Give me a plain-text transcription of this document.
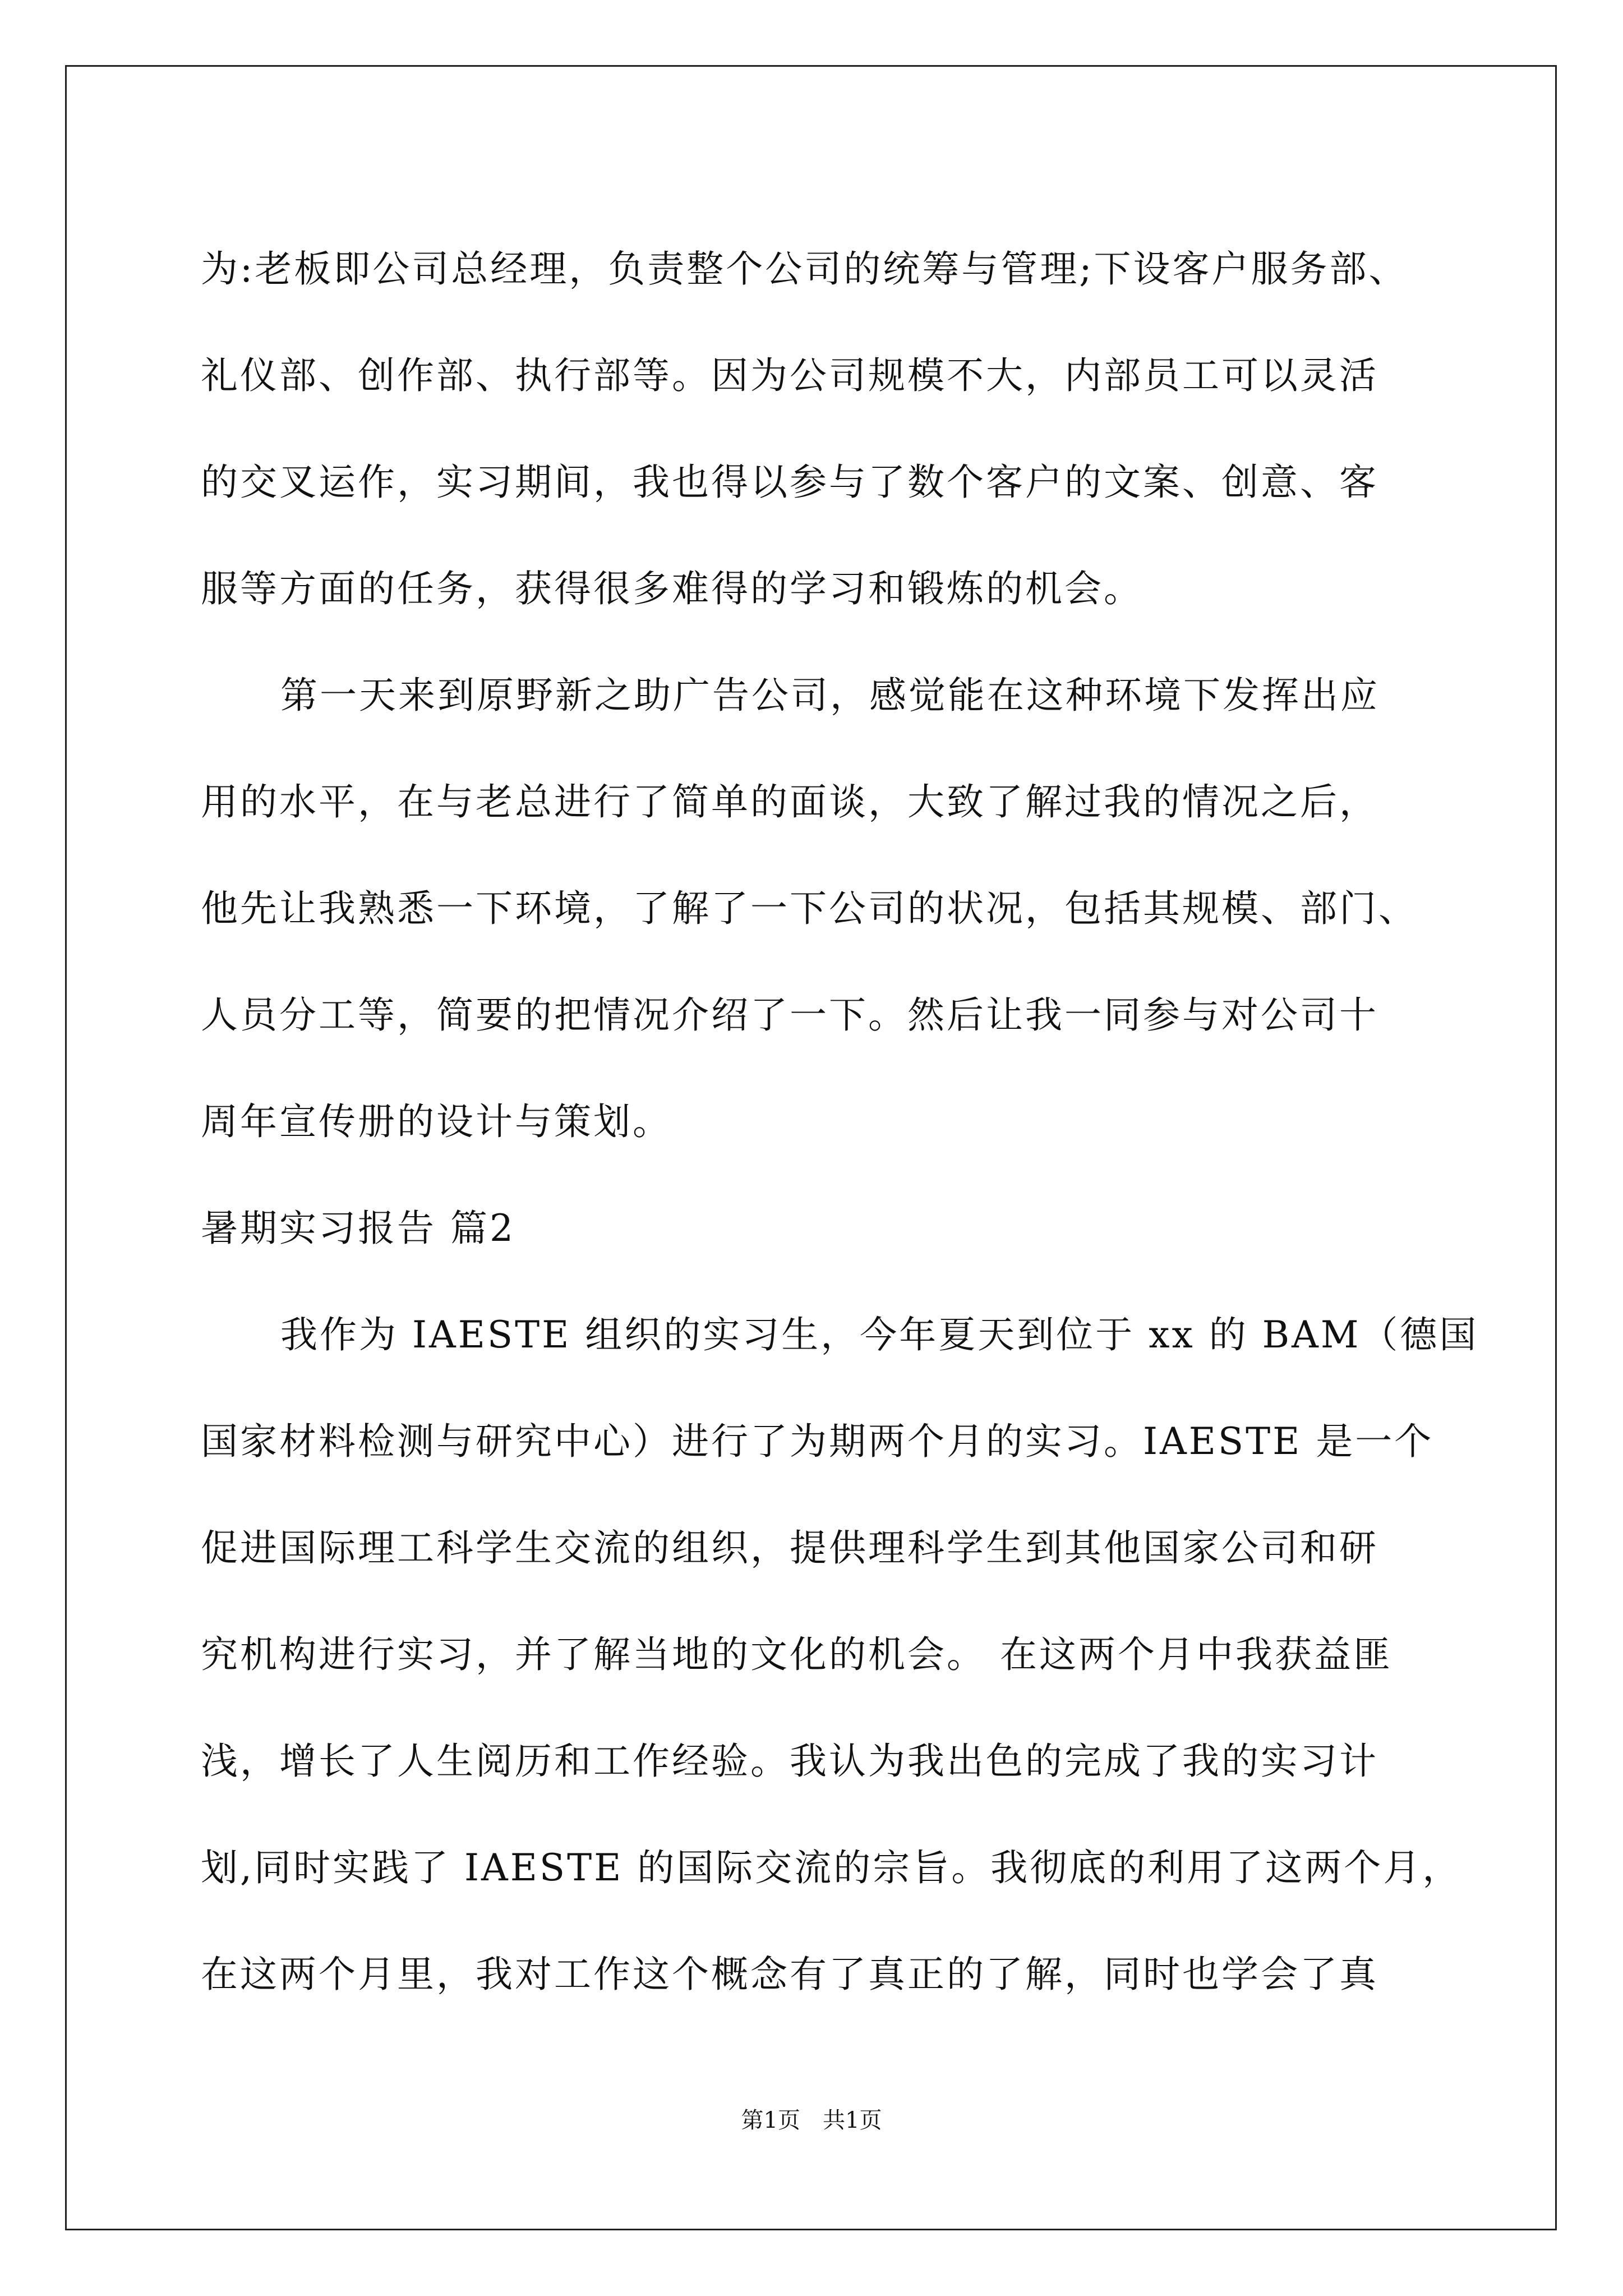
为:老板即公司总经理，负责整个公司的统筹与管理;下设客户服务部、
礼仪部、创作部、执行部等。因为公司规模不大，内部员工可以灵活
的交叉运作，实习期间，我也得以参与了数个客户的文案、创意、客
服等方面的任务，获得很多难得的学习和锻炼的机会。
第一天来到原野新之助广告公司，感觉能在这种环境下发挥出应
用的水平，在与老总进行了简单的面谈，大致了解过我的情况之后，
他先让我熟悉一下环境，了解了一下公司的状况，包括其规模、部门、
人员分工等，简要的把情况介绍了一下。然后让我一同参与对公司十
周年宣传册的设计与策划。
暑期实习报告 篇2
我作为 IAESTE 组织的实习生，今年夏天到位于 xx 的 BAM（德国
国家材料检测与研究中心）进行了为期两个月的实习。IAESTE 是一个
促进国际理工科学生交流的组织，提供理科学生到其他国家公司和研
究机构进行实习，并了解当地的文化的机会。 在这两个月中我获益匪
浅，增长了人生阅历和工作经验。我认为我出色的完成了我的实习计
划,同时实践了 IAESTE 的国际交流的宗旨。我彻底的利用了这两个月，
在这两个月里，我对工作这个概念有了真正的了解，同时也学会了真
第1页　共1页
